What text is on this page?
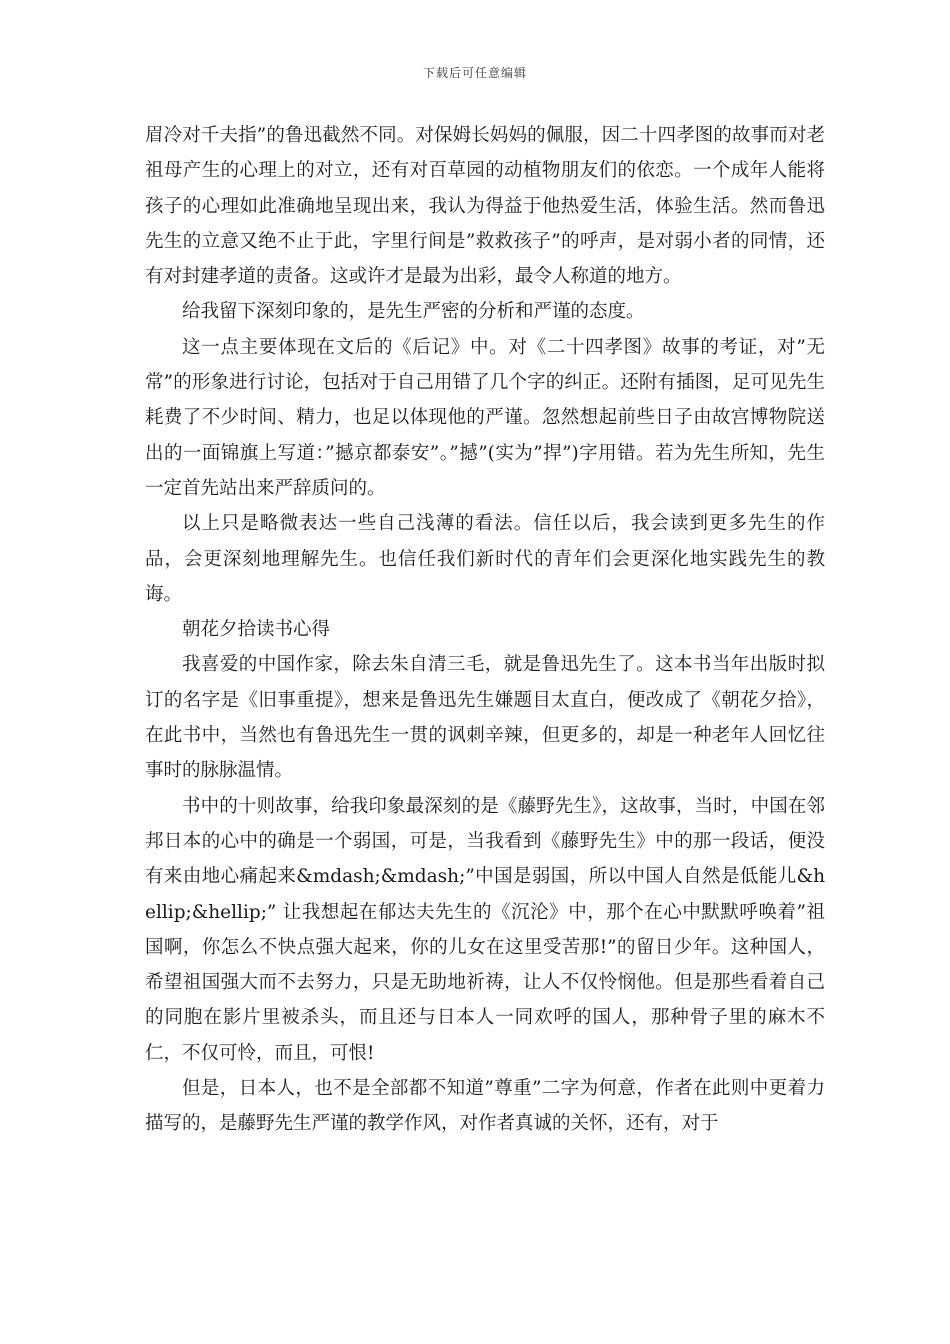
下载后可任意编辑

眉冷对千夫指”的鲁迅截然不同。对保姆长妈妈的佩服，因二十四孝图的故事而对老祖母产生的心理上的对立，还有对百草园的动植物朋友们的依恋。一个成年人能将孩子的心理如此准确地呈现出来，我认为得益于他热爱生活，体验生活。然而鲁迅先生的立意又绝不止于此，字里行间是”救救孩子”的呼声，是对弱小者的同情，还有对封建孝道的责备。这或许才是最为出彩，最令人称道的地方。

给我留下深刻印象的，是先生严密的分析和严谨的态度。

这一点主要体现在文后的《后记》中。对《二十四孝图》故事的考证，对”无常”的形象进行讨论，包括对于自己用错了几个字的纠正。还附有插图，足可见先生耗费了不少时间、精力，也足以体现他的严谨。忽然想起前些日子由故宫博物院送出的一面锦旗上写道：”撼京都泰安”。”撼”(实为”捍”)字用错。若为先生所知，先生一定首先站出来严辞质问的。

以上只是略微表达一些自己浅薄的看法。信任以后，我会读到更多先生的作品，会更深刻地理解先生。也信任我们新时代的青年们会更深化地实践先生的教诲。

朝花夕拾读书心得

我喜爱的中国作家，除去朱自清三毛，就是鲁迅先生了。这本书当年出版时拟订的名字是《旧事重提》，想来是鲁迅先生嫌题目太直白，便改成了《朝花夕拾》，在此书中，当然也有鲁迅先生一贯的讽刺辛辣，但更多的，却是一种老年人回忆往事时的脉脉温情。

书中的十则故事，给我印象最深刻的是《藤野先生》，这故事，当时，中国在邻邦日本的心中的确是一个弱国，可是，当我看到《藤野先生》中的那一段话，便没有来由地心痛起来&mdash;&mdash;”中国是弱国，所以中国人自然是低能儿&hellip;&hellip;” 让我想起在郁达夫先生的《沉沦》中，那个在心中默默呼唤着”祖国啊，你怎么不快点强大起来，你的儿女在这里受苦那!”的留日少年。这种国人，希望祖国强大而不去努力，只是无助地祈祷，让人不仅怜悯他。但是那些看着自己的同胞在影片里被杀头，而且还与日本人一同欢呼的国人，那种骨子里的麻木不仁，不仅可怜，而且，可恨!

但是，日本人，也不是全部都不知道”尊重”二字为何意，作者在此则中更着力描写的，是藤野先生严谨的教学作风，对作者真诚的关怀，还有，对于
